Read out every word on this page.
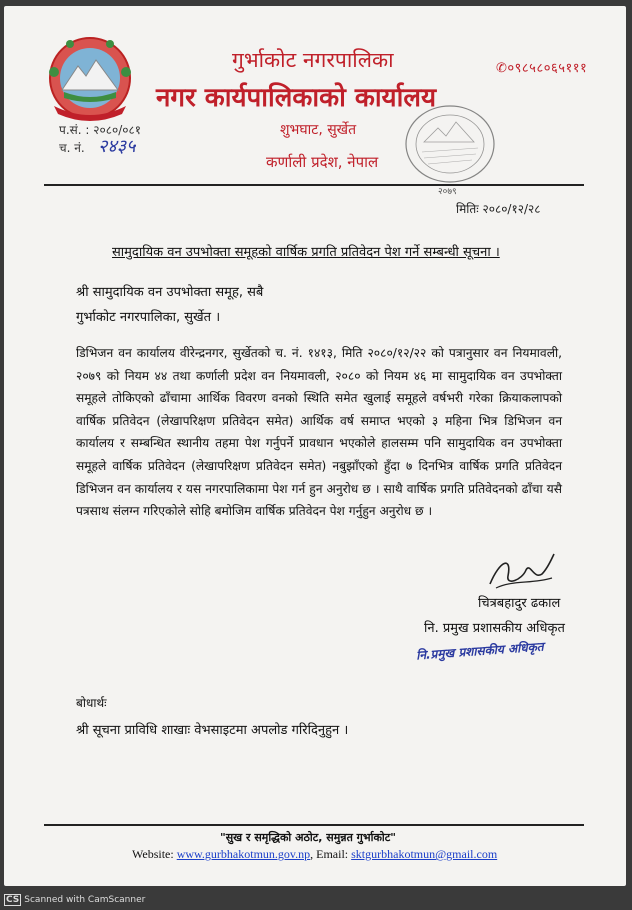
गुर्भाकोट नगरपालिका
नगर कार्यपालिकाको कार्यालय
शुभघाट, सुर्खेत
कर्णाली प्रदेश, नेपाल
✆०९८५८०६५१११
२०७९
प.सं. : २०८०/०८१
च. नं. २४३५
मितिः २०८०/१२/२८
सामुदायिक वन उपभोक्ता समूहको वार्षिक प्रगति प्रतिवेदन पेश गर्ने सम्बन्धी सूचना ।
श्री सामुदायिक वन उपभोक्ता समूह, सबै
गुर्भाकोट नगरपालिका, सुर्खेत ।
डिभिजन वन कार्यालय वीरेन्द्रनगर, सुर्खेतको च. नं. १४१३, मिति २०८०/१२/२२ को पत्रानुसार वन नियमावली, २०७९ को नियम ४४ तथा कर्णाली प्रदेश वन नियमावली, २०८० को नियम ४६ मा सामुदायिक वन उपभोक्ता समूहले तोकिएको ढाँचामा आर्थिक विवरण वनको स्थिति समेत खुलाई समूहले वर्षभरी गरेका क्रियाकलापको वार्षिक प्रतिवेदन (लेखापरिक्षण प्रतिवेदन समेत) आर्थिक वर्ष समाप्त भएको ३ महिना भित्र डिभिजन वन कार्यालय र सम्बन्धित स्थानीय तहमा पेश गर्नुपर्ने प्रावधान भएकोले हालसम्म पनि सामुदायिक वन उपभोक्ता समूहले वार्षिक प्रतिवेदन (लेखापरिक्षण प्रतिवेदन समेत) नबुझाँएको हुँदा ७ दिनभित्र वार्षिक प्रगति प्रतिवेदन डिभिजन वन कार्यालय र यस नगरपालिकामा पेश गर्न हुन अनुरोध छ । साथै वार्षिक प्रगति प्रतिवेदनको ढाँचा यसै पत्रसाथ संलग्न गरिएकोले सोहि बमोजिम वार्षिक प्रतिवेदन पेश गर्नुहुन अनुरोध छ ।
चित्रबहादुर ढकाल
नि. प्रमुख प्रशासकीय अधिकृत
नि.प्रमुख प्रशासकीय अधिकृत
बोधार्थः
श्री सूचना प्राविधि शाखाः वेभसाइटमा अपलोड गरिदिनुहुन ।
"सुख र समृद्धिको अठोट, समुन्नत गुर्भाकोट"
Website: www.gurbhakotmun.gov.np, Email: sktgurbhakotmun@gmail.com
CS Scanned with CamScanner
